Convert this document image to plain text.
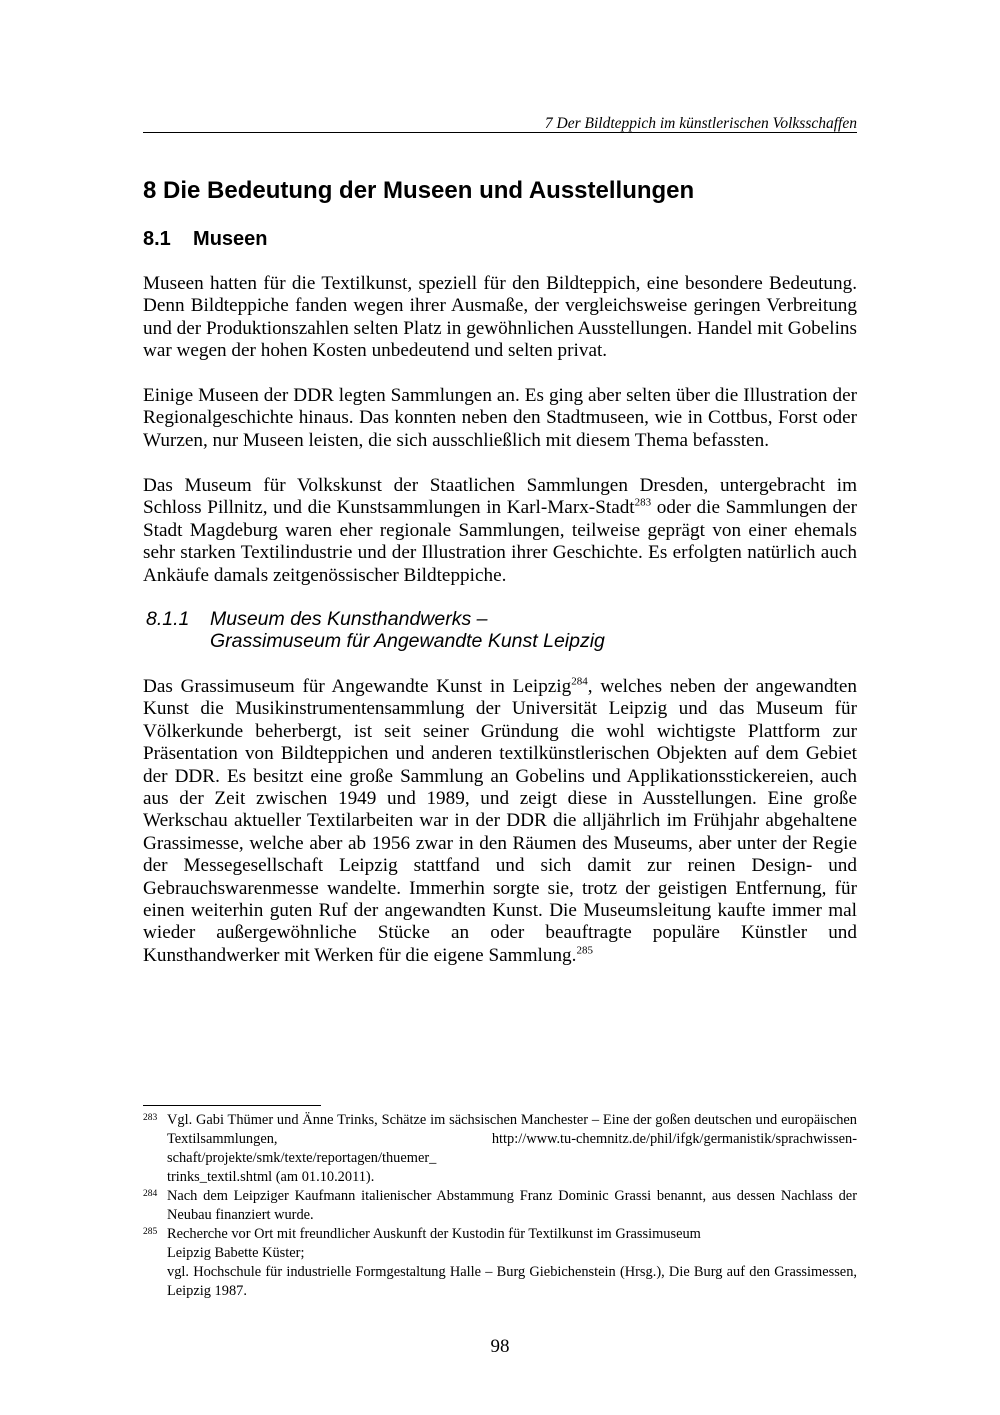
7 Der Bildteppich im künstlerischen Volksschaffen
8 Die Bedeutung der Museen und Ausstellungen
8.1 Museen

Museen hatten für die Textilkunst, speziell für den Bildteppich, eine besondere Bedeutung. Denn Bildteppiche fanden wegen ihrer Ausmaße, der vergleichsweise geringen Verbreitung und der Produktionszahlen selten Platz in gewöhnlichen Ausstellungen. Handel mit Gobelins war wegen der hohen Kosten unbedeutend und selten privat.

Einige Museen der DDR legten Sammlungen an. Es ging aber selten über die Illustration der Regionalgeschichte hinaus. Das konnten neben den Stadtmuseen, wie in Cottbus, Forst oder Wurzen, nur Museen leisten, die sich ausschließlich mit diesem Thema befassten.

Das Museum für Volkskunst der Staatlichen Sammlungen Dresden, untergebracht im Schloss Pillnitz, und die Kunstsammlungen in Karl-Marx-Stadt$^{283}$ oder die Sammlungen der Stadt Magdeburg waren eher regionale Sammlungen, teilweise geprägt von einer ehemals sehr starken Textilindustrie und der Illustration ihrer Geschichte. Es erfolgten natürlich auch Ankäufe damals zeitgenössischer Bildteppiche.

8.1.1 Museum des Kunsthandwerks –
Grassimuseum für Angewandte Kunst Leipzig

Das Grassimuseum für Angewandte Kunst in Leipzig$^{284}$, welches neben der angewandten Kunst die Musikinstrumentensammlung der Universität Leipzig und das Museum für Völkerkunde beherbergt, ist seit seiner Gründung die wohl wichtigste Plattform zur Präsentation von Bildteppichen und anderen textilkünstlerischen Objekten auf dem Gebiet der DDR. Es besitzt eine große Sammlung an Gobelins und Applikationsstickereien, auch aus der Zeit zwischen 1949 und 1989, und zeigt diese in Ausstellungen. Eine große Werkschau aktueller Textilarbeiten war in der DDR die alljährlich im Frühjahr abgehaltene Grassimesse, welche aber ab 1956 zwar in den Räumen des Museums, aber unter der Regie der Messegesellschaft Leipzig stattfand und sich damit zur reinen Design- und Gebrauchswarenmesse wandelte. Immerhin sorgte sie, trotz der geistigen Entfernung, für einen weiterhin guten Ruf der angewandten Kunst. Die Museumsleitung kaufte immer mal wieder außergewöhnliche Stücke an oder beauftragte populäre Künstler und Kunsthandwerker mit Werken für die eigene Sammlung.$^{285}$

283 Vgl. Gabi Thümer und Änne Trinks, Schätze im sächsischen Manchester – Eine der goßen deutschen und europäischen Textilsammlungen, http://www.tu-chemnitz.de/phil/ifgk/germanistik/sprachwissen-schaft/projekte/smk/texte/reportagen/thuemer_
trinks_textil.shtml (am 01.10.2011).
284 Nach dem Leipziger Kaufmann italienischer Abstammung Franz Dominic Grassi benannt, aus dessen Nachlass der Neubau finanziert wurde.
285 Recherche vor Ort mit freundlicher Auskunft der Kustodin für Textilkunst im Grassimuseum
Leipzig Babette Küster;
vgl. Hochschule für industrielle Formgestaltung Halle – Burg Giebichenstein (Hrsg.), Die Burg auf den Grassimessen, Leipzig 1987.
98
